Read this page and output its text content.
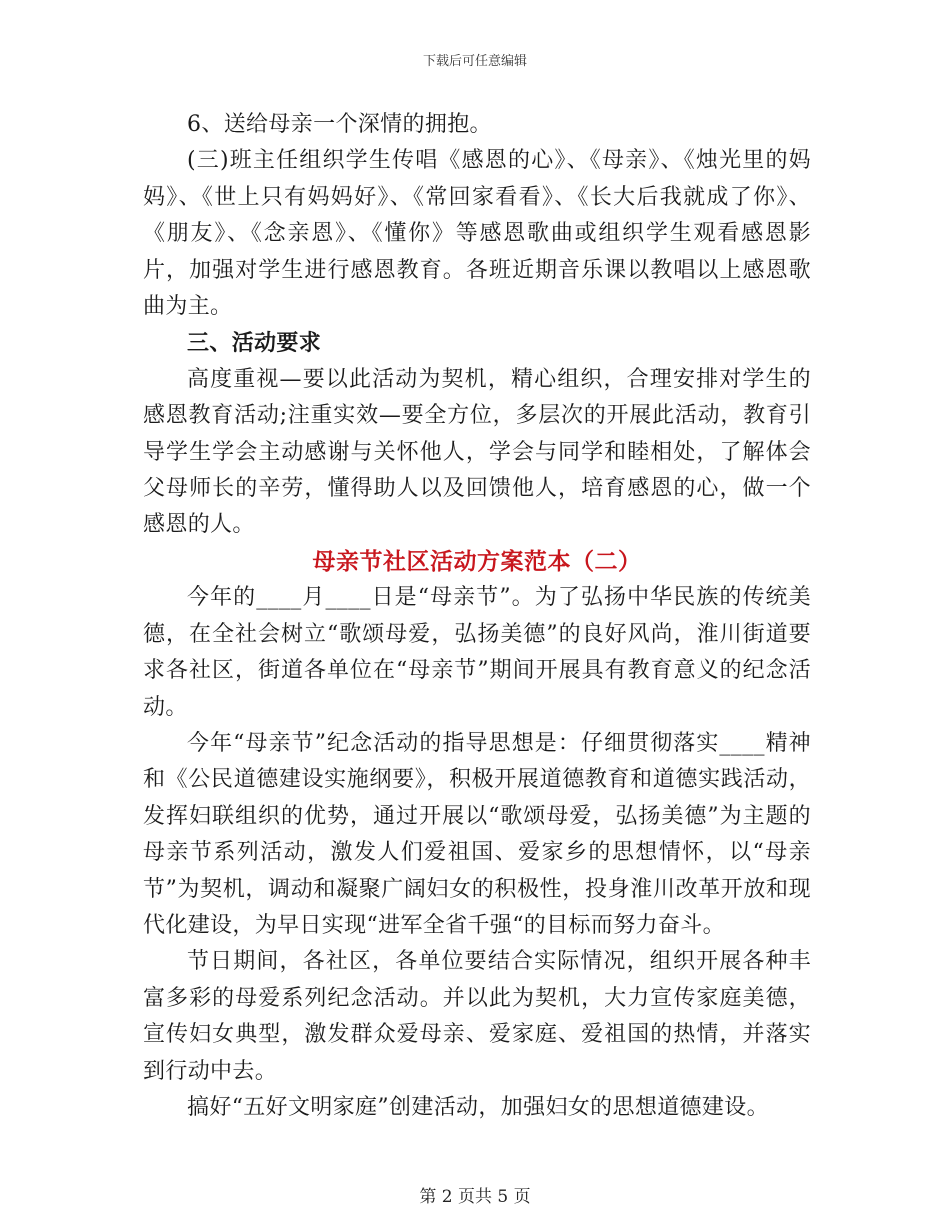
下载后可任意编辑

6、送给母亲一个深情的拥抱。

(三)班主任组织学生传唱《感恩的心》、《母亲》、《烛光里的妈妈》、《世上只有妈妈好》、《常回家看看》、《长大后我就成了你》、《朋友》、《念亲恩》、《懂你》等感恩歌曲或组织学生观看感恩影片，加强对学生进行感恩教育。各班近期音乐课以教唱以上感恩歌曲为主。

三、活动要求

高度重视—要以此活动为契机，精心组织，合理安排对学生的感恩教育活动;注重实效—要全方位，多层次的开展此活动，教育引导学生学会主动感谢与关怀他人，学会与同学和睦相处，了解体会父母师长的辛劳，懂得助人以及回馈他人，培育感恩的心，做一个感恩的人。

母亲节社区活动方案范本（二）

今年的____月____日是“母亲节”。为了弘扬中华民族的传统美德，在全社会树立“歌颂母爱，弘扬美德”的良好风尚，淮川街道要求各社区，街道各单位在“母亲节”期间开展具有教育意义的纪念活动。

今年“母亲节”纪念活动的指导思想是：仔细贯彻落实____精神和《公民道德建设实施纲要》，积极开展道德教育和道德实践活动，发挥妇联组织的优势，通过开展以“歌颂母爱，弘扬美德”为主题的母亲节系列活动，激发人们爱祖国、爱家乡的思想情怀，以“母亲节”为契机，调动和凝聚广阔妇女的积极性，投身淮川改革开放和现代化建设，为早日实现“进军全省千强“的目标而努力奋斗。

节日期间，各社区，各单位要结合实际情况，组织开展各种丰富多彩的母爱系列纪念活动。并以此为契机，大力宣传家庭美德，宣传妇女典型，激发群众爱母亲、爱家庭、爱祖国的热情，并落实到行动中去。

搞好“五好文明家庭”创建活动，加强妇女的思想道德建设。

第 2 页共 5 页
